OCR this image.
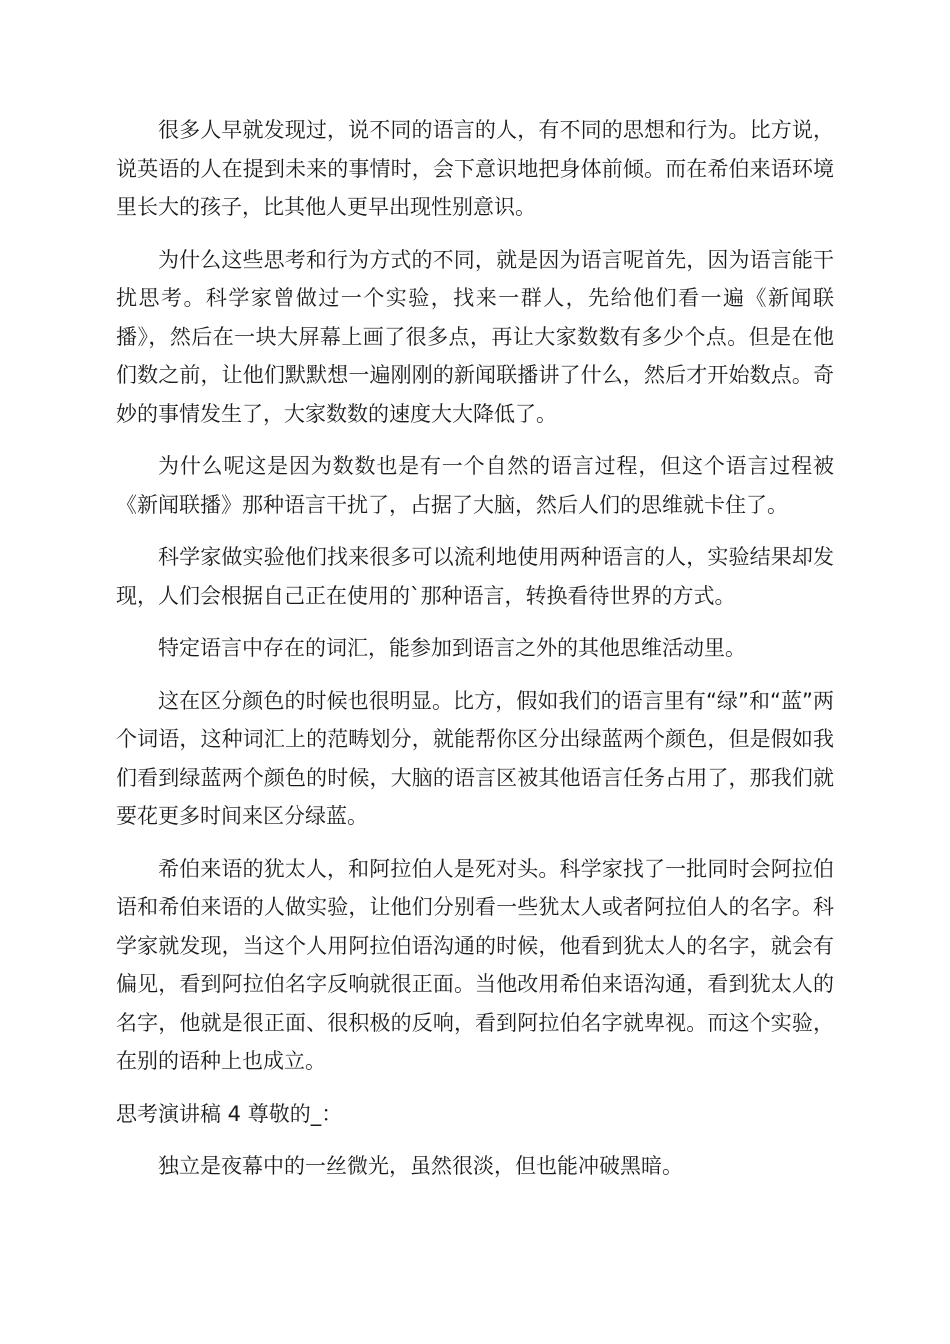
很多人早就发现过，说不同的语言的人，有不同的思想和行为。比方说，说英语的人在提到未来的事情时，会下意识地把身体前倾。而在希伯来语环境里长大的孩子，比其他人更早出现性别意识。

为什么这些思考和行为方式的不同，就是因为语言呢首先，因为语言能干扰思考。科学家曾做过一个实验，找来一群人，先给他们看一遍《新闻联播》，然后在一块大屏幕上画了很多点，再让大家数数有多少个点。但是在他们数之前，让他们默默想一遍刚刚的新闻联播讲了什么，然后才开始数点。奇妙的事情发生了，大家数数的速度大大降低了。

为什么呢这是因为数数也是有一个自然的语言过程，但这个语言过程被《新闻联播》那种语言干扰了，占据了大脑，然后人们的思维就卡住了。

科学家做实验他们找来很多可以流利地使用两种语言的人，实验结果却发现，人们会根据自己正在使用的`那种语言，转换看待世界的方式。

特定语言中存在的词汇，能参加到语言之外的其他思维活动里。

这在区分颜色的时候也很明显。比方，假如我们的语言里有“绿”和“蓝”两个词语，这种词汇上的范畴划分，就能帮你区分出绿蓝两个颜色，但是假如我们看到绿蓝两个颜色的时候，大脑的语言区被其他语言任务占用了，那我们就要花更多时间来区分绿蓝。

希伯来语的犹太人，和阿拉伯人是死对头。科学家找了一批同时会阿拉伯语和希伯来语的人做实验，让他们分别看一些犹太人或者阿拉伯人的名字。科学家就发现，当这个人用阿拉伯语沟通的时候，他看到犹太人的名字，就会有偏见，看到阿拉伯名字反响就很正面。当他改用希伯来语沟通，看到犹太人的名字，他就是很正面、很积极的反响，看到阿拉伯名字就卑视。而这个实验，在别的语种上也成立。

思考演讲稿 4 尊敬的_：

独立是夜幕中的一丝微光，虽然很淡，但也能冲破黑暗。
